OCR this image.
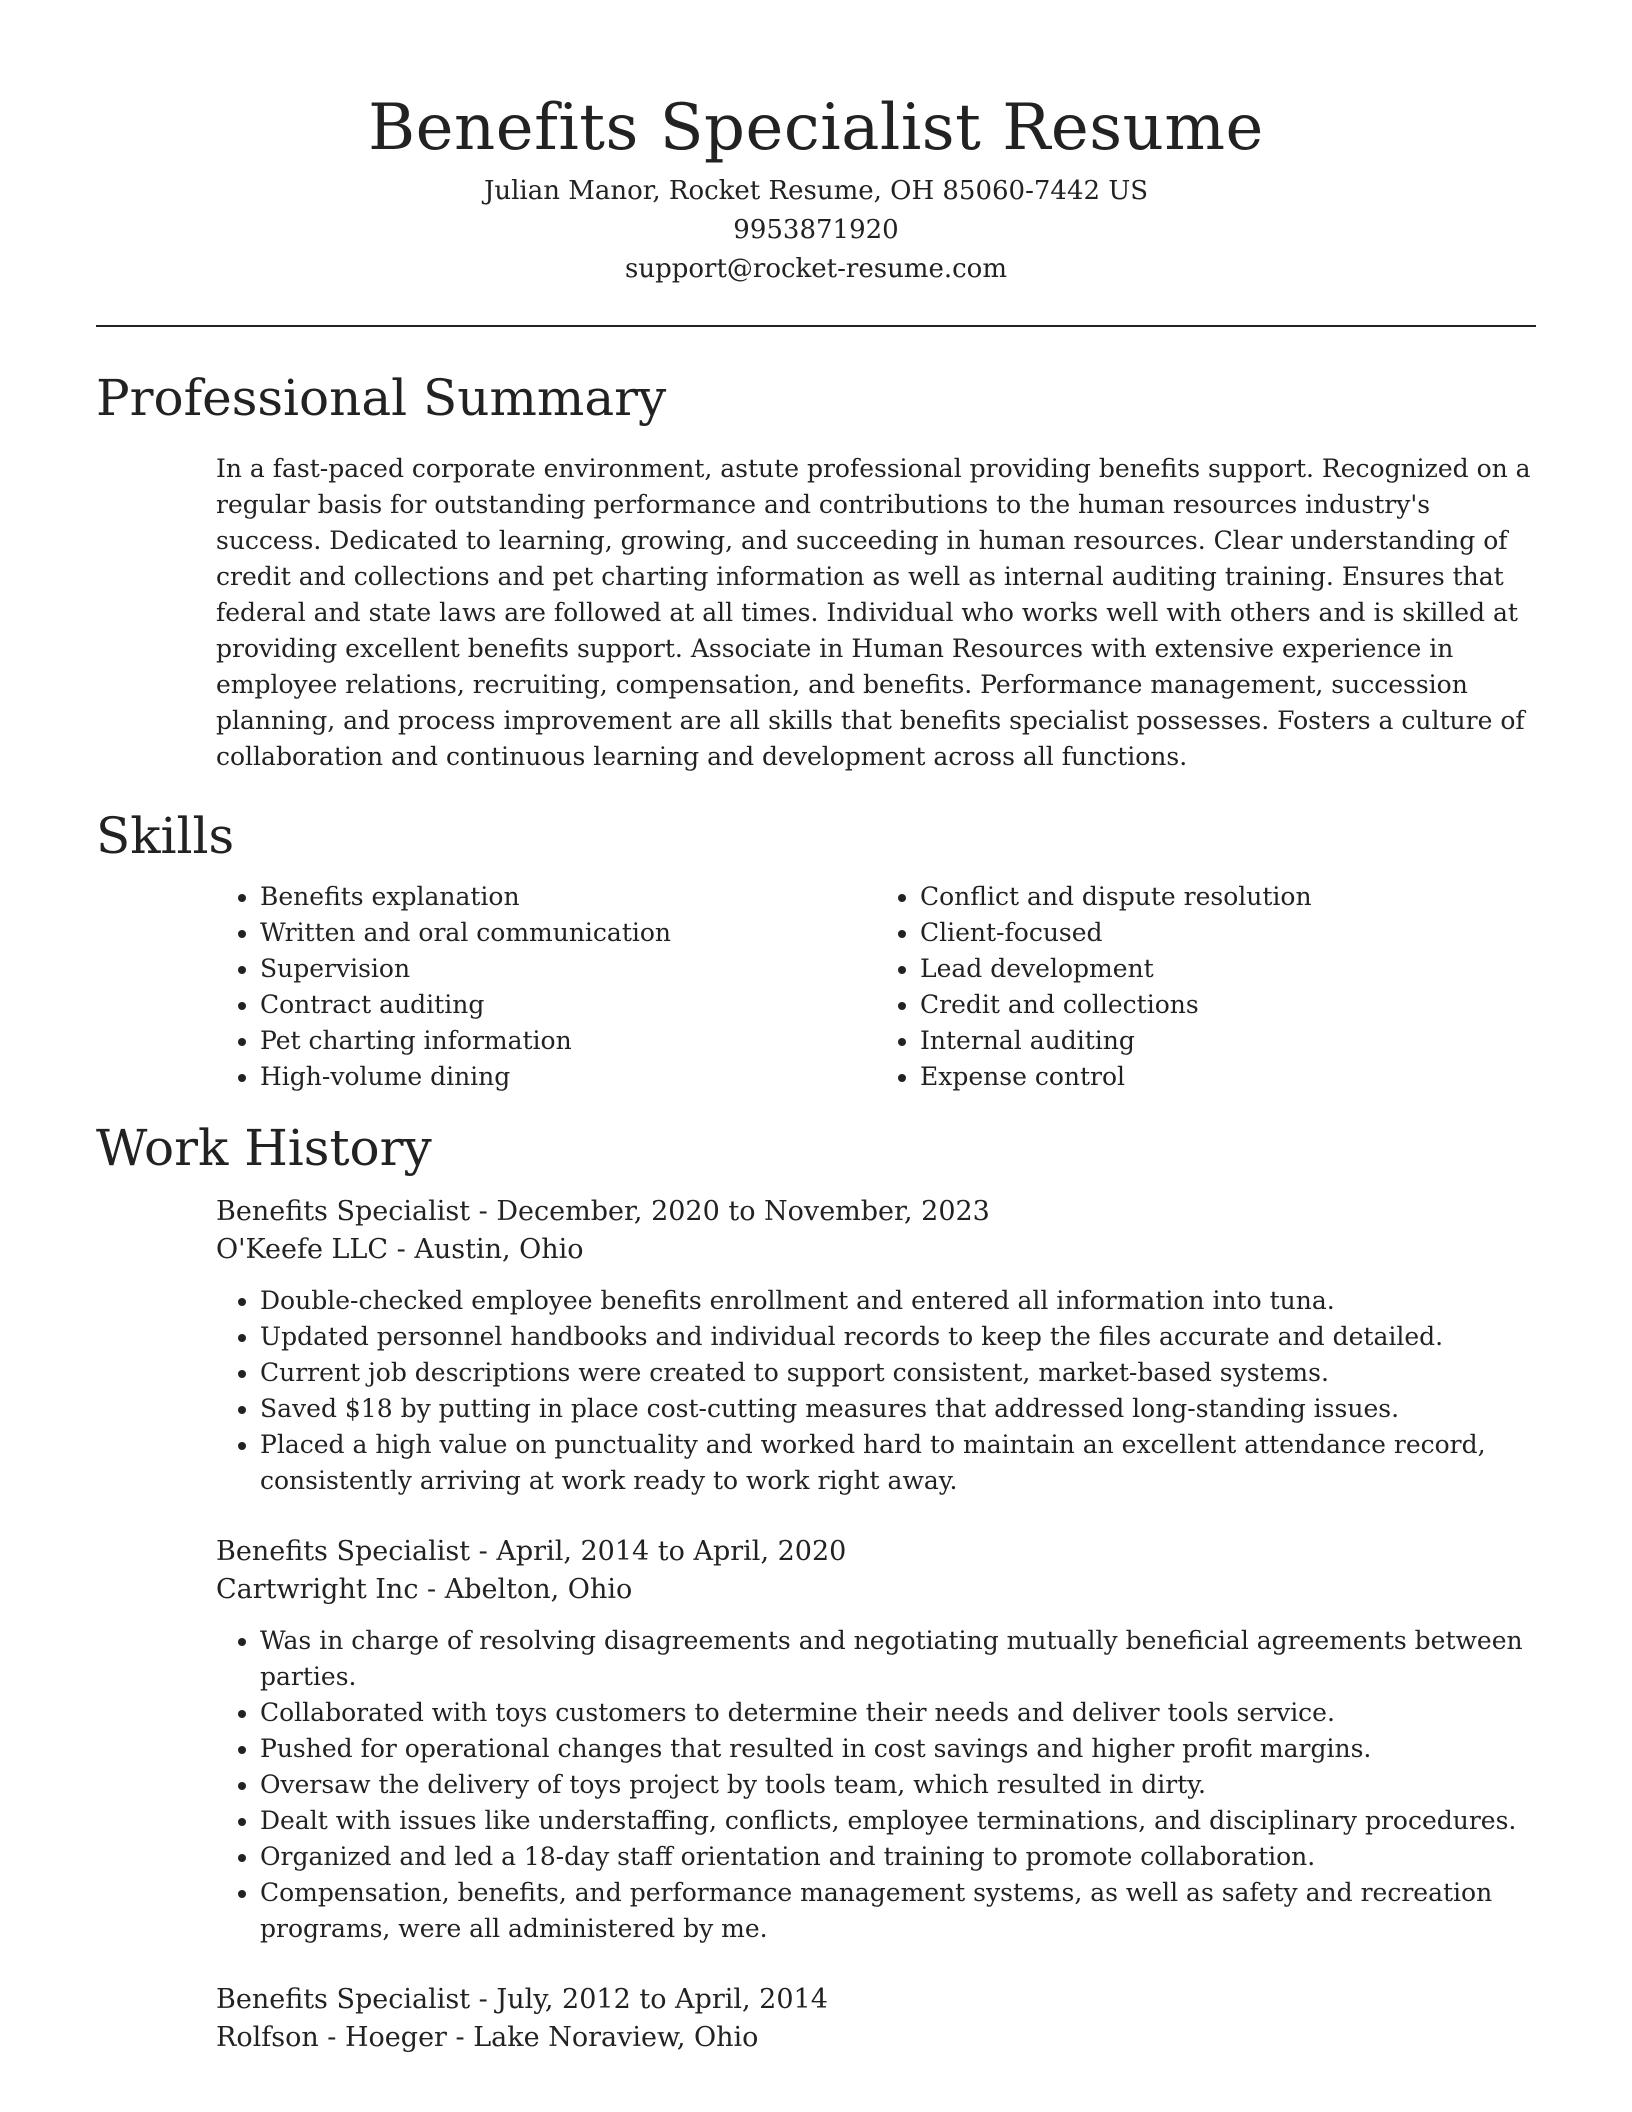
Benefits Specialist Resume

Julian Manor, Rocket Resume, OH 85060-7442 US

9953871920

support@rocket-resume.com

Professional Summary

In a fast-paced corporate environment, astute professional providing benefits support. Recognized on a regular basis for outstanding performance and contributions to the human resources industry's success. Dedicated to learning, growing, and succeeding in human resources. Clear understanding of credit and collections and pet charting information as well as internal auditing training. Ensures that federal and state laws are followed at all times. Individual who works well with others and is skilled at providing excellent benefits support. Associate in Human Resources with extensive experience in employee relations, recruiting, compensation, and benefits. Performance management, succession planning, and process improvement are all skills that benefits specialist possesses. Fosters a culture of collaboration and continuous learning and development across all functions.

Skills
• Benefits explanation
• Written and oral communication
• Supervision
• Contract auditing
• Pet charting information
• High-volume dining
• Conflict and dispute resolution
• Client-focused
• Lead development
• Credit and collections
• Internal auditing
• Expense control
Work History

Benefits Specialist - December, 2020 to November, 2023

O'Keefe LLC - Austin, Ohio

• Double-checked employee benefits enrollment and entered all information into tuna.
• Updated personnel handbooks and individual records to keep the files accurate and detailed.
• Current job descriptions were created to support consistent, market-based systems.
• Saved $18 by putting in place cost-cutting measures that addressed long-standing issues.
• Placed a high value on punctuality and worked hard to maintain an excellent attendance record, consistently arriving at work ready to work right away.

Benefits Specialist - April, 2014 to April, 2020

Cartwright Inc - Abelton, Ohio

• Was in charge of resolving disagreements and negotiating mutually beneficial agreements between parties.
• Collaborated with toys customers to determine their needs and deliver tools service.
• Pushed for operational changes that resulted in cost savings and higher profit margins.
• Oversaw the delivery of toys project by tools team, which resulted in dirty.
• Dealt with issues like understaffing, conflicts, employee terminations, and disciplinary procedures.
• Organized and led a 18-day staff orientation and training to promote collaboration.
• Compensation, benefits, and performance management systems, as well as safety and recreation programs, were all administered by me.

Benefits Specialist - July, 2012 to April, 2014

Rolfson - Hoeger - Lake Noraview, Ohio
